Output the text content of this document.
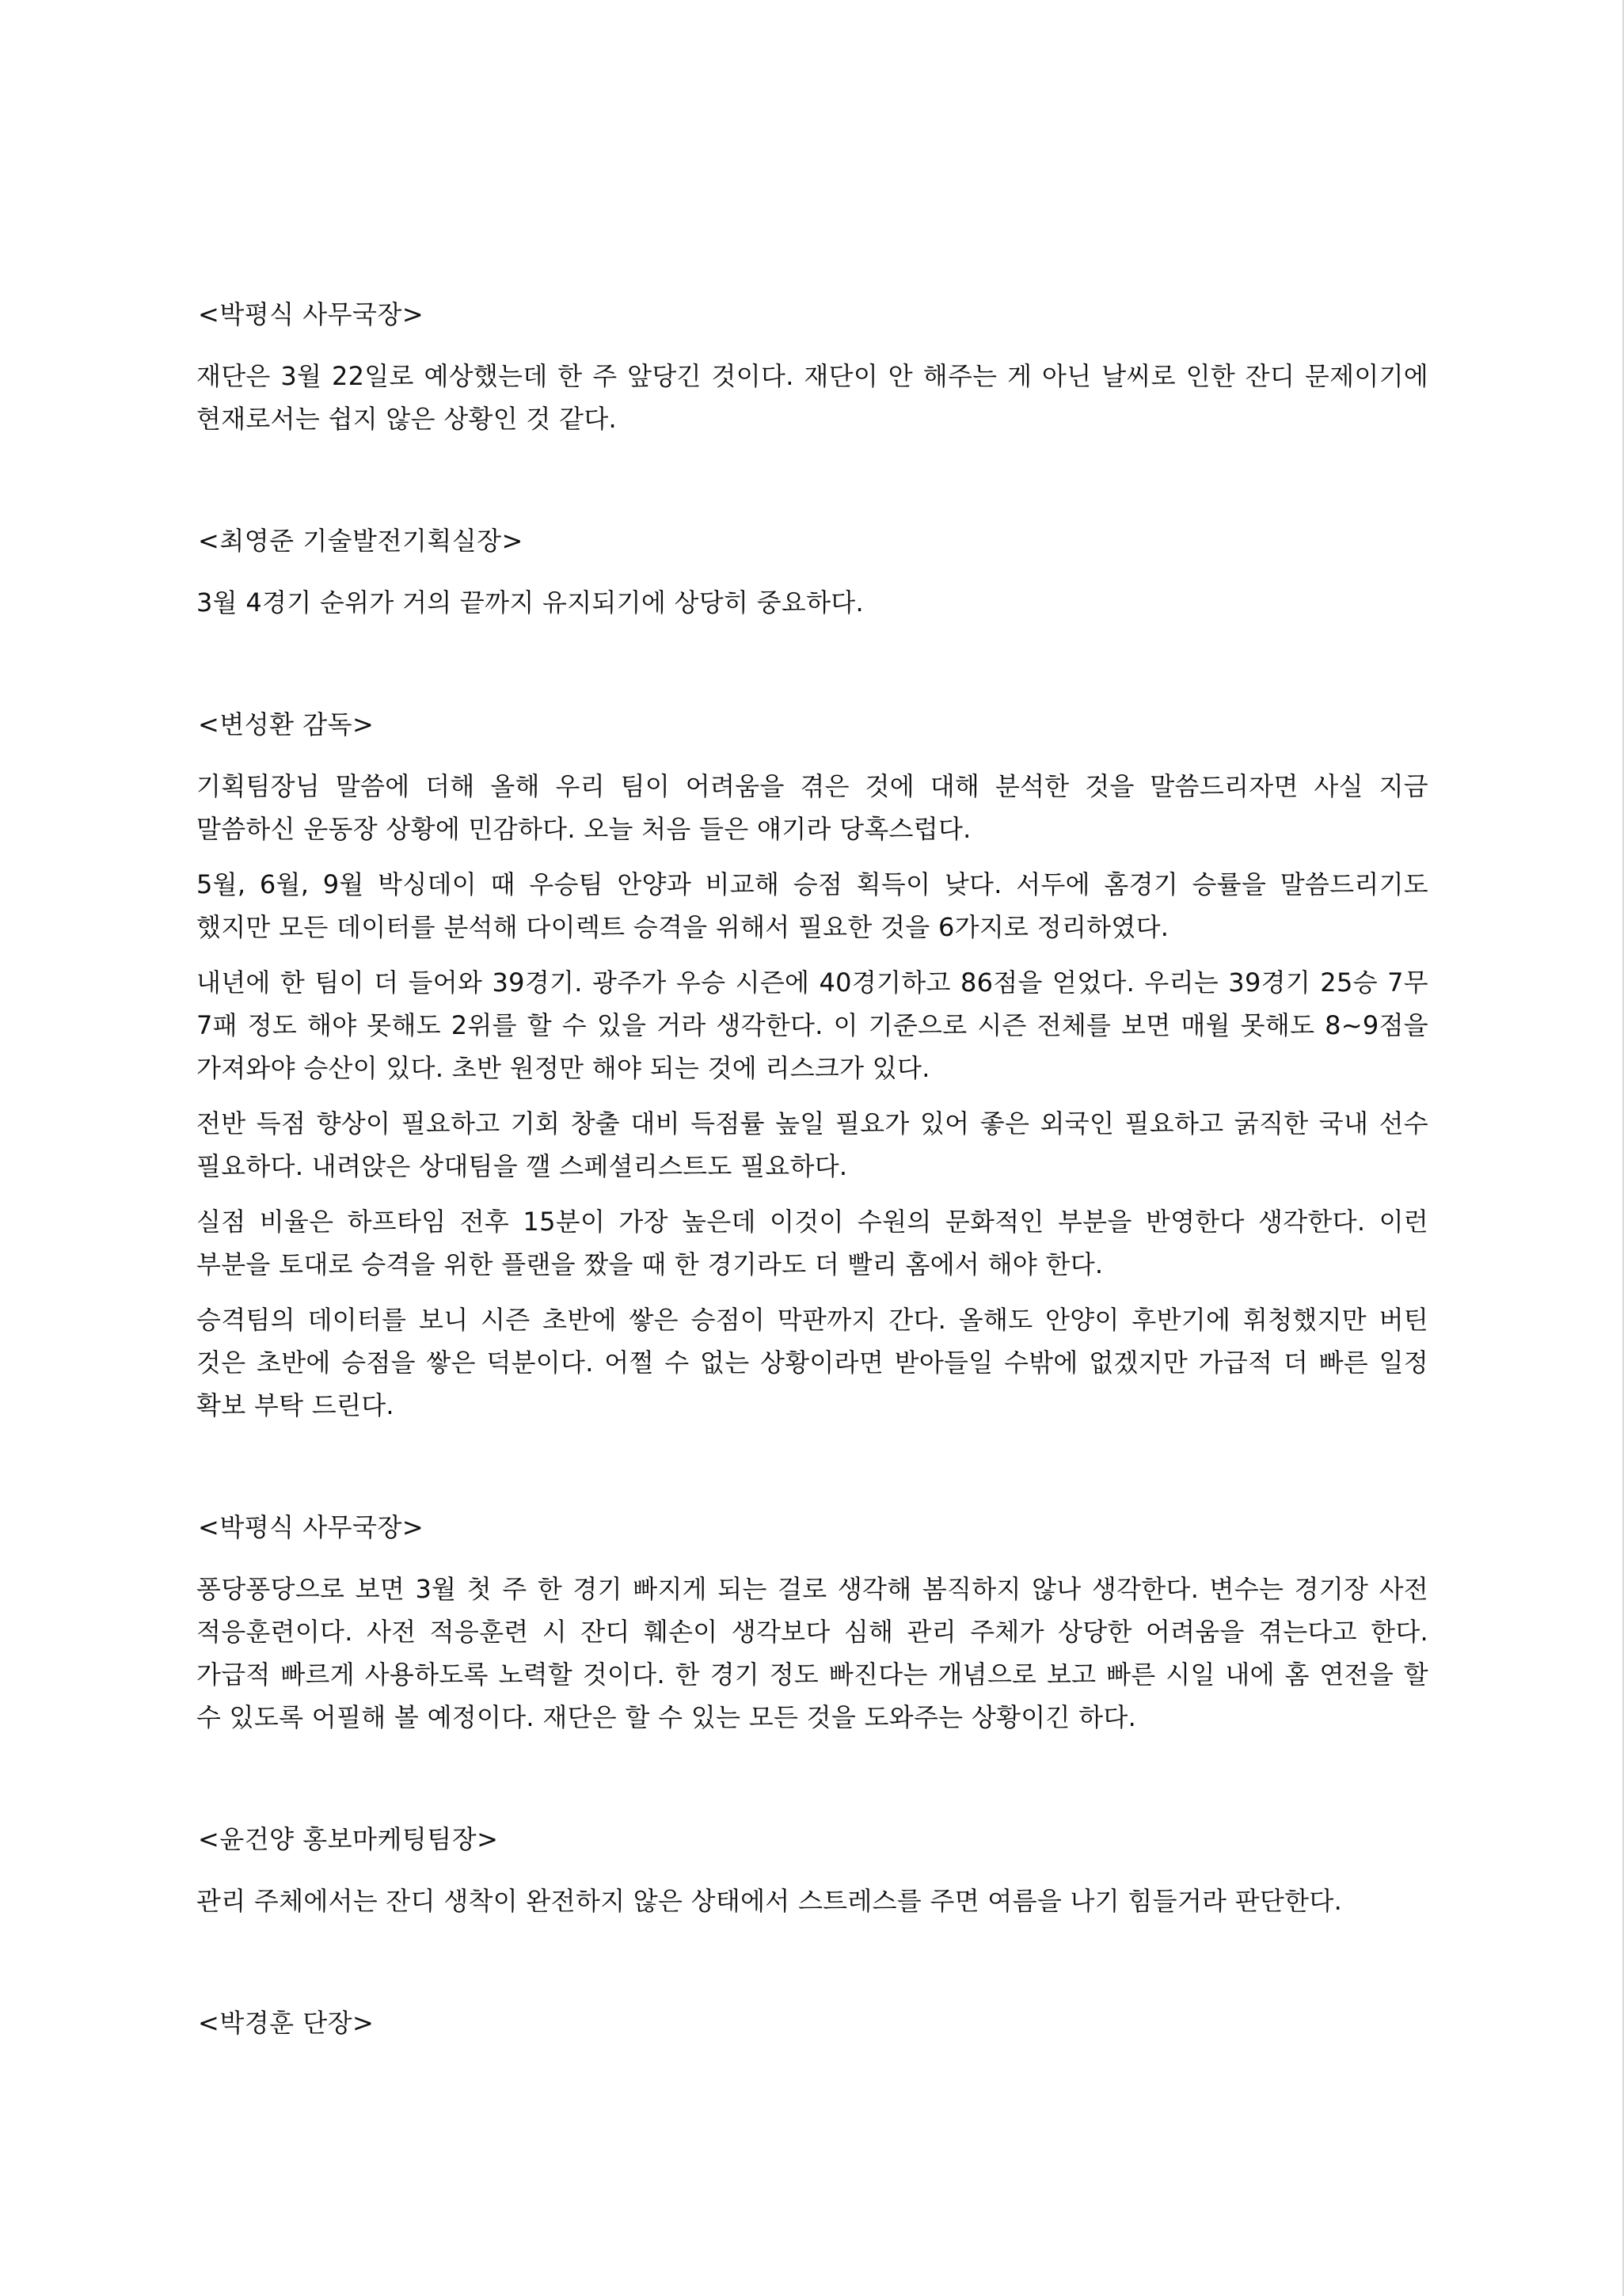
<박평식 사무국장>

재단은 3월 22일로 예상했는데 한 주 앞당긴 것이다. 재단이 안 해주는 게 아닌 날씨로 인한 잔디 문제이기에 현재로서는 쉽지 않은 상황인 것 같다.

<최영준 기술발전기획실장>

3월 4경기 순위가 거의 끝까지 유지되기에 상당히 중요하다.

<변성환 감독>

기획팀장님 말씀에 더해 올해 우리 팀이 어려움을 겪은 것에 대해 분석한 것을 말씀드리자면 사실 지금 말씀하신 운동장 상황에 민감하다. 오늘 처음 들은 얘기라 당혹스럽다.

5월, 6월, 9월 박싱데이 때 우승팀 안양과 비교해 승점 획득이 낮다. 서두에 홈경기 승률을 말씀드리기도 했지만 모든 데이터를 분석해 다이렉트 승격을 위해서 필요한 것을 6가지로 정리하였다.

내년에 한 팀이 더 들어와 39경기. 광주가 우승 시즌에 40경기하고 86점을 얻었다. 우리는 39경기 25승 7무 7패 정도 해야 못해도 2위를 할 수 있을 거라 생각한다. 이 기준으로 시즌 전체를 보면 매월 못해도 8~9점을 가져와야 승산이 있다. 초반 원정만 해야 되는 것에 리스크가 있다.

전반 득점 향상이 필요하고 기회 창출 대비 득점률 높일 필요가 있어 좋은 외국인 필요하고 굵직한 국내 선수 필요하다. 내려앉은 상대팀을 깰 스페셜리스트도 필요하다.

실점 비율은 하프타임 전후 15분이 가장 높은데 이것이 수원의 문화적인 부분을 반영한다 생각한다. 이런 부분을 토대로 승격을 위한 플랜을 짰을 때 한 경기라도 더 빨리 홈에서 해야 한다.

승격팀의 데이터를 보니 시즌 초반에 쌓은 승점이 막판까지 간다. 올해도 안양이 후반기에 휘청했지만 버틴 것은 초반에 승점을 쌓은 덕분이다. 어쩔 수 없는 상황이라면 받아들일 수밖에 없겠지만 가급적 더 빠른 일정 확보 부탁 드린다.

<박평식 사무국장>

퐁당퐁당으로 보면 3월 첫 주 한 경기 빠지게 되는 걸로 생각해 봄직하지 않나 생각한다. 변수는 경기장 사전 적응훈련이다. 사전 적응훈련 시 잔디 훼손이 생각보다 심해 관리 주체가 상당한 어려움을 겪는다고 한다. 가급적 빠르게 사용하도록 노력할 것이다. 한 경기 정도 빠진다는 개념으로 보고 빠른 시일 내에 홈 연전을 할 수 있도록 어필해 볼 예정이다. 재단은 할 수 있는 모든 것을 도와주는 상황이긴 하다.

<윤건양 홍보마케팅팀장>

관리 주체에서는 잔디 생착이 완전하지 않은 상태에서 스트레스를 주면 여름을 나기 힘들거라 판단한다.

<박경훈 단장>
